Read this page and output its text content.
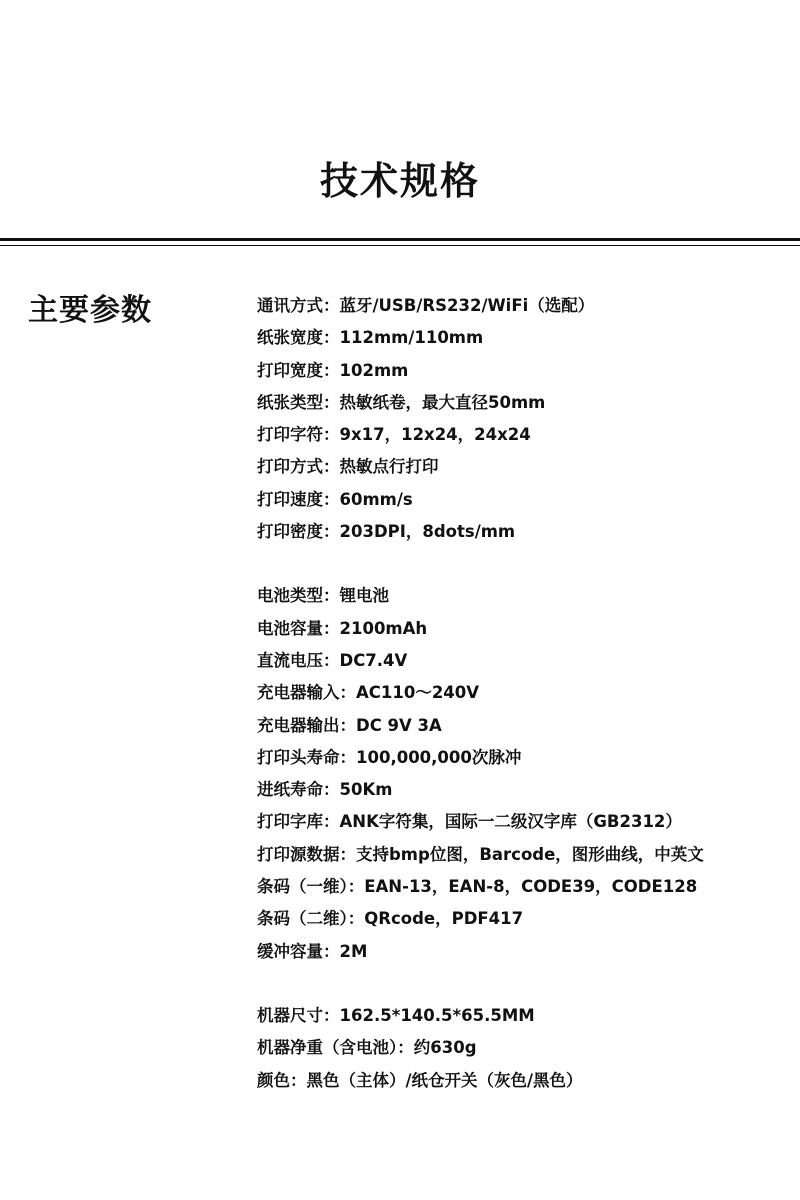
技术规格
主要参数	通讯方式：蓝牙/USB/RS232/WiFi（选配）
纸张宽度：112mm/110mm
打印宽度：102mm
纸张类型：热敏纸卷，最大直径50mm
打印字符：9x17，12x24，24x24
打印方式：热敏点行打印
打印速度：60mm/s
打印密度：203DPI，8dots/mm
电池类型：锂电池
电池容量：2100mAh
直流电压：DC7.4V
充电器输入：AC110～240V
充电器输出：DC 9V 3A
打印头寿命：100,000,000次脉冲
进纸寿命：50Km
打印字库：ANK字符集，国际一二级汉字库（GB2312）
打印源数据：支持bmp位图，Barcode，图形曲线，中英文
条码（一维）：EAN-13，EAN-8，CODE39，CODE128
条码（二维）：QRcode，PDF417
缓冲容量：2M
机器尺寸：162.5*140.5*65.5MM
机器净重（含电池）：约630g
颜色：黑色（主体）/纸仓开关（灰色/黑色）
